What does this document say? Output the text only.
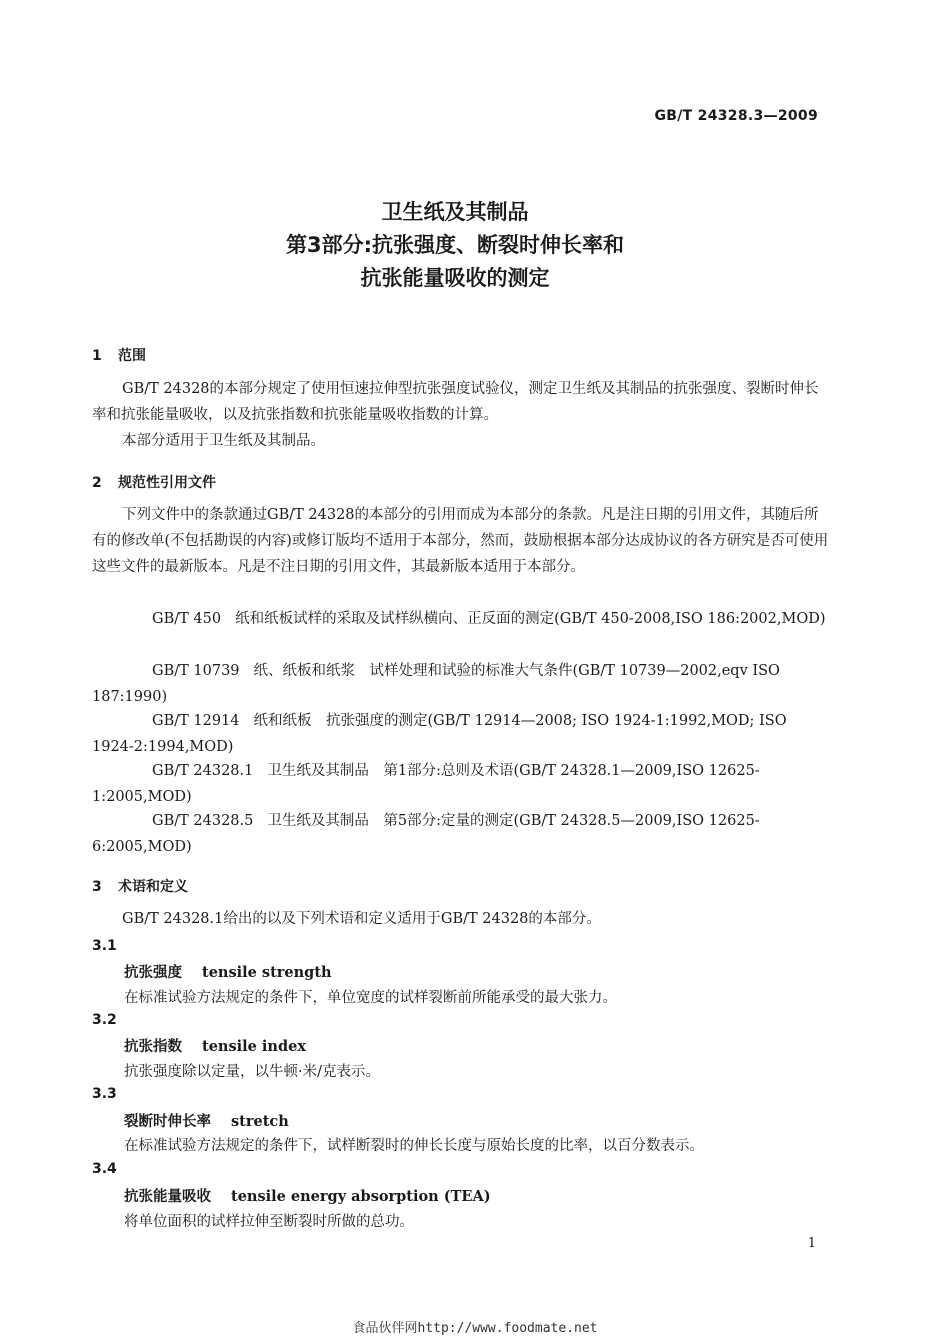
GB/T 24328.3—2009
卫生纸及其制品
第3部分:抗张强度、断裂时伸长率和
抗张能量吸收的测定
1 范围
GB/T 24328的本部分规定了使用恒速拉伸型抗张强度试验仪，测定卫生纸及其制品的抗张强度、裂断时伸长率和抗张能量吸收，以及抗张指数和抗张能量吸收指数的计算。
本部分适用于卫生纸及其制品。
2 规范性引用文件
下列文件中的条款通过GB/T 24328的本部分的引用而成为本部分的条款。凡是注日期的引用文件，其随后所有的修改单(不包括勘误的内容)或修订版均不适用于本部分，然而，鼓励根据本部分达成协议的各方研究是否可使用这些文件的最新版本。凡是不注日期的引用文件，其最新版本适用于本部分。
GB/T 450 纸和纸板试样的采取及试样纵横向、正反面的测定(GB/T 450-2008,ISO 186:2002,MOD)
GB/T 10739 纸、纸板和纸浆　试样处理和试验的标准大气条件(GB/T 10739—2002,eqv ISO 187:1990)
GB/T 12914 纸和纸板　抗张强度的测定(GB/T 12914—2008; ISO 1924-1:1992,MOD; ISO 1924-2:1994,MOD)
GB/T 24328.1 卫生纸及其制品　第1部分:总则及术语(GB/T 24328.1—2009,ISO 12625-1:2005,MOD)
GB/T 24328.5 卫生纸及其制品　第5部分:定量的测定(GB/T 24328.5—2009,ISO 12625-6:2005,MOD)
3 术语和定义
GB/T 24328.1给出的以及下列术语和定义适用于GB/T 24328的本部分。
3.1
抗张强度 tensile strength
在标准试验方法规定的条件下，单位宽度的试样裂断前所能承受的最大张力。
3.2
抗张指数 tensile index
抗张强度除以定量，以牛顿·米/克表示。
3.3
裂断时伸长率 stretch
在标准试验方法规定的条件下，试样断裂时的伸长长度与原始长度的比率，以百分数表示。
3.4
抗张能量吸收 tensile energy absorption (TEA)
将单位面积的试样拉伸至断裂时所做的总功。
1
食品伙伴网http://www.foodmate.net
